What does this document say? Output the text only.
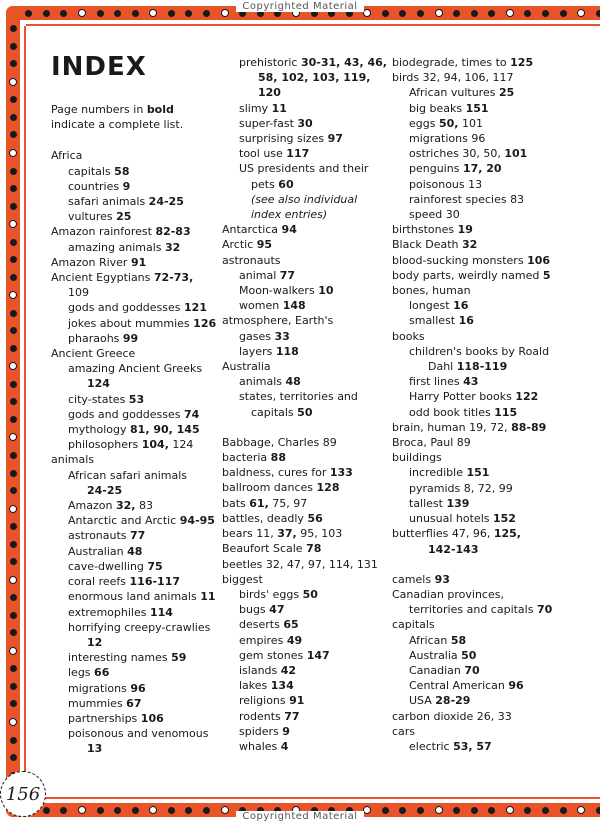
Copyrighted Material
Copyrighted Material
INDEX
Page numbers in bold indicate a complete list.
Africa
capitals 58
countries 9
safari animals 24-25
vultures 25
Amazon rainforest 82-83
amazing animals 32
Amazon River 91
Ancient Egyptians 72-73,
109
gods and goddesses 121
jokes about mummies 126
pharaohs 99
Ancient Greece
amazing Ancient Greeks
124
city-states 53
gods and goddesses 74
mythology 81, 90, 145
philosophers 104, 124
animals
African safari animals
24-25
Amazon 32, 83
Antarctic and Arctic 94-95
astronauts 77
Australian 48
cave-dwelling 75
coral reefs 116-117
enormous land animals 11
extremophiles 114
horrifying creepy-crawlies
12
interesting names 59
legs 66
migrations 96
mummies 67
partnerships 106
poisonous and venomous
13
prehistoric 30-31, 43, 46,
58, 102, 103, 119,
120
slimy 11
super-fast 30
surprising sizes 97
tool use 117
US presidents and their
pets 60
(see also individual
index entries)
Antarctica 94
Arctic 95
astronauts
animal 77
Moon-walkers 10
women 148
atmosphere, Earth's
gases 33
layers 118
Australia
animals 48
states, territories and
capitals 50
Babbage, Charles 89
bacteria 88
baldness, cures for 133
ballroom dances 128
bats 61, 75, 97
battles, deadly 56
bears 11, 37, 95, 103
Beaufort Scale 78
beetles 32, 47, 97, 114, 131
biggest
birds' eggs 50
bugs 47
deserts 65
empires 49
gem stones 147
islands 42
lakes 134
religions 91
rodents 77
spiders 9
whales 4
biodegrade, times to 125
birds 32, 94, 106, 117
African vultures 25
big beaks 151
eggs 50, 101
migrations 96
ostriches 30, 50, 101
penguins 17, 20
poisonous 13
rainforest species 83
speed 30
birthstones 19
Black Death 32
blood-sucking monsters 106
body parts, weirdly named 5
bones, human
longest 16
smallest 16
books
children's books by Roald
Dahl 118-119
first lines 43
Harry Potter books 122
odd book titles 115
brain, human 19, 72, 88-89
Broca, Paul 89
buildings
incredible 151
pyramids 8, 72, 99
tallest 139
unusual hotels 152
butterflies 47, 96, 125,
142-143
camels 93
Canadian provinces,
territories and capitals 70
capitals
African 58
Australia 50
Canadian 70
Central American 96
USA 28-29
carbon dioxide 26, 33
cars
electric 53, 57
156
